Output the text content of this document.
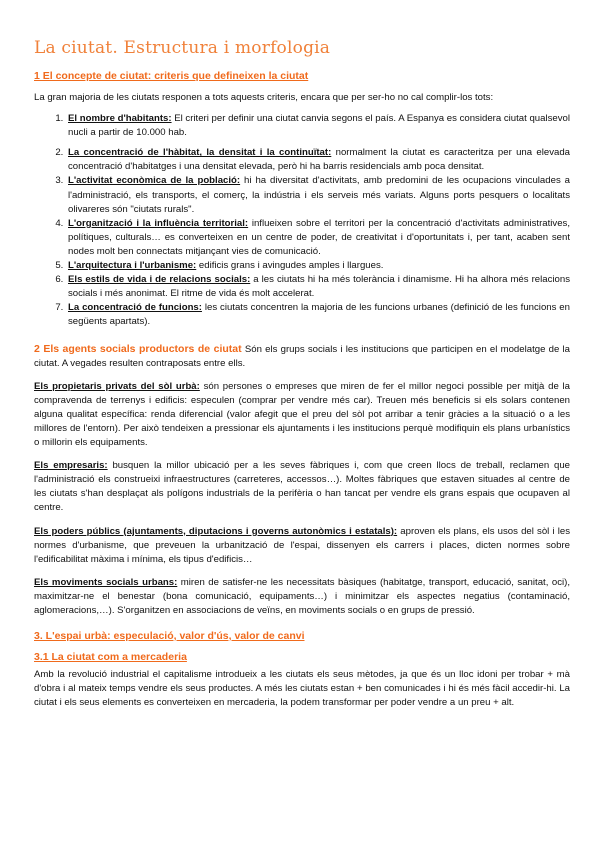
La ciutat. Estructura i morfologia
1 El concepte de ciutat: criteris que defineixen la ciutat

La gran majoria de les ciutats responen a tots aquests criteris, encara que per ser-ho no cal complir-los tots:

1. El nombre d'habitants: El criteri per definir una ciutat canvia segons el país. A Espanya es considera ciutat qualsevol nucli a partir de 10.000 hab.
2. La concentració de l'hàbitat, la densitat i la continuïtat: normalment la ciutat es caracteritza per una elevada concentració d'habitatges i una densitat elevada, però hi ha barris residencials amb poca densitat.
3. L'activitat econòmica de la població: hi ha diversitat d'activitats, amb predomini de les ocupacions vinculades a l'administració, els transports, el comerç, la indústria i els serveis més variats. Alguns ports pesquers o localitats olivareres són "ciutats rurals".
4. L'organització i la influència territorial: influeixen sobre el territori per la concentració d'activitats administratives, polítiques, culturals… es converteixen en un centre de poder, de creativitat i d'oportunitats i, per tant, acaben sent nodes molt ben connectats mitjançant vies de comunicació.
5. L'arquitectura i l'urbanisme: edificis grans i avingudes amples i llargues.
6. Els estils de vida i de relacions socials: a les ciutats hi ha més tolerància i dinamisme. Hi ha alhora més relacions socials i més anonimat. El ritme de vida és molt accelerat.
7. La concentració de funcions: les ciutats concentren la majoria de les funcions urbanes (definició de les funcions en següents apartats).

2 Els agents socials productors de ciutat Són els grups socials i les institucions que participen en el modelatge de la ciutat. A vegades resulten contraposats entre ells.

Els propietaris privats del sòl urbà: són persones o empreses que miren de fer el millor negoci possible per mitjà de la compravenda de terrenys i edificis: especulen (comprar per vendre més car). Treuen més beneficis si els solars contenen alguna qualitat específica: renda diferencial (valor afegit que el preu del sòl pot arribar a tenir gràcies a la situació o a les millores de l'entorn). Per això tendeixen a pressionar els ajuntaments i les institucions perquè modifiquin els plans urbanístics o millorin els equipaments.

Els empresaris: busquen la millor ubicació per a les seves fàbriques i, com que creen llocs de treball, reclamen que l'administració els construeixi infraestructures (carreteres, accessos…). Moltes fàbriques que estaven situades al centre de les ciutats s'han desplaçat als polígons industrials de la perifèria o han tancat per vendre els grans espais que ocupaven al centre.

Els poders públics (ajuntaments, diputacions i governs autonòmics i estatals): aproven els plans, els usos del sòl i les normes d'urbanisme, que preveuen la urbanització de l'espai, dissenyen els carrers i places, dicten normes sobre l'edificabilitat màxima i mínima, els tipus d'edificis…

Els moviments socials urbans: miren de satisfer-ne les necessitats bàsiques (habitatge, transport, educació, sanitat, oci), maximitzar-ne el benestar (bona comunicació, equipaments…) i minimitzar els aspectes negatius (contaminació, aglomeracions,…). S'organitzen en associacions de veïns, en moviments socials o en grups de pressió.

3. L'espai urbà: especulació, valor d'ús, valor de canvi
3.1 La ciutat com a mercaderia

Amb la revolució industrial el capitalisme introdueix a les ciutats els seus mètodes, ja que és un lloc idoni per trobar + mà d'obra i al mateix temps vendre els seus productes. A més les ciutats estan + ben comunicades i hi és més fàcil accedir-hi. La ciutat i els seus elements es converteixen en mercaderia, la podem transformar per poder vendre a un preu + alt.
